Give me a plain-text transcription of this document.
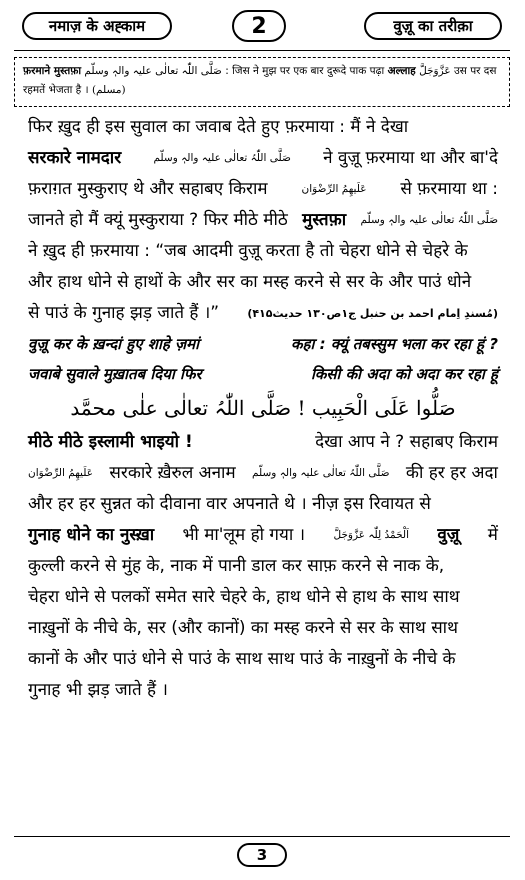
नमाज़ के अह्काम	2	वुज़ू का तरीक़ा
फ़रमाने मुस्तफ़ा صَلَّی اللّٰہ تعالٰی علیہ والہٖ وسلّم : जिस ने मुझ पर एक बार दुरूदे पाक पढ़ा अल्लाह عَزَّوَجَلَّ उस पर दस
रहमतें भेजता है । (مسلم)
फिर ख़ुद ही इस सुवाल का जवाब देते हुए फ़रमाया : मैं ने देखा
सरकारे नामदार	صَلَّی اللّٰہُ تعالٰی علیہ والہٖ وسلّم ने वुज़ू फ़रमाया था और बा'दे
फ़राग़त मुस्कुराए थे और सहाबए किराम	عَلَیھِمُ الرِّضْوَان से फ़रमाया था :
जानते हो मैं क्यूं मुस्कुराया ? फिर मीठे मीठे मुस्तफ़ा صَلَّی اللّٰہُ تعالٰی علیہ والہٖ وسلّم
ने ख़ुद ही फ़रमाया : “जब आदमी वुज़ू करता है तो चेहरा धोने से चेहरे के
और हाथ धोने से हाथों के और सर का मस्ह करने से सर के और पाउं धोने
से पाउं के गुनाह झड़ जाते हैं ।”	(مُسندِ اِمام احمد بن حنبل ج۱ص۱۳۰ حدیث۴۱۵)
वुज़ू कर के ख़न्दां हुए शाहे ज़मां	कहा : क्यूं तबस्सुम भला कर रहा हूं ?
जवाबे सुवाले मुख़ातब दिया फिर	किसी की अदा को अदा कर रहा हूं
صَلُّوا عَلَی الْحَبِیب ! صَلَّی اللّٰہُ تعالٰی علٰی محمَّد
मीठे मीठे इस्लामी भाइयो !	देखा आप ने ? सहाबए किराम
عَلَیھِمُ الرِّضْوَان सरकारे ख़ैरुल अनाम صَلَّی اللّٰہُ تعالٰی علیہ والہٖ وسلّم की हर हर अदा
और हर हर सुन्नत को दीवाना वार अपनाते थे । नीज़ इस रिवायत से
गुनाह धोने का नुस्ख़ा भी मा'लूम हो गया ।	اَلْحَمْدُ لِلّٰہ عَزَّوَجَلَّ वुज़ू में
कुल्ली करने से मुंह के, नाक में पानी डाल कर साफ़ करने से नाक के,
चेहरा धोने से पलकों समेत सारे चेहरे के, हाथ धोने से हाथ के साथ साथ
नाख़ुनों के नीचे के, सर (और कानों) का मस्ह करने से सर के साथ साथ
कानों के और पाउं धोने से पाउं के साथ साथ पाउं के नाख़ुनों के नीचे के
गुनाह भी झड़ जाते हैं ।
3
